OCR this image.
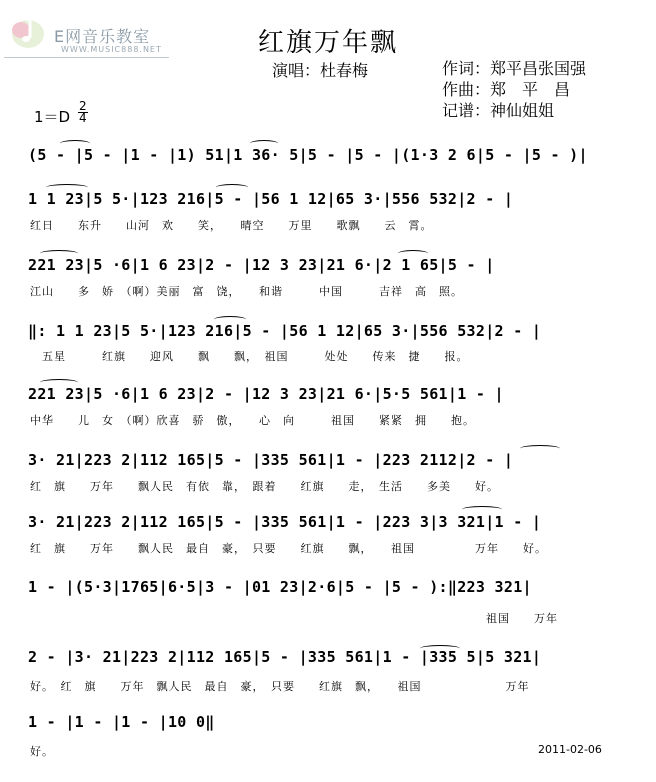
E网音乐教室
WWW.MUSIC888.NET	红旗万年飘
演唱：杜春梅	作词：郑平昌张国强
作曲：郑　平　昌
记谱：神仙姐姐
1＝D
2
4
(5 - |5 - |1 - |1) 51|1 36· 5|5 - |5 - |(1·3 2 6|5 - |5 - )|
1 1 23|5 5·|123 216|5 - |56 1 12|65 3·|556 532|2 - |
红日　　东升　　山河　欢　　笑，　　晴空　　万里　　歌飘　　云　霄。
221 23|5 ·6|1 6 23|2 - |12 3 23|21 6·|2 1 65|5 - |
江山　　多　娇　（啊）美丽　富　饶，　　和谐　　　中国　　　吉祥　高　照。
‖: 1 1 23|5 5·|123 216|5 - |56 1 12|65 3·|556 532|2 - |
　五星　　　红旗　　迎风　　飘　　飘，　祖国　　　处处　　传来　捷　　报。
221 23|5 ·6|1 6 23|2 - |12 3 23|21 6·|5·5 561|1 - |
中华　　儿　女　（啊）欣喜　骄　傲，　　心　向　　　祖国　　紧紧　拥　　抱。
3· 21|223 2|112 165|5 - |335 561|1 - |223 2112|2 - |
红　旗　　万年　　飘人民　有依　靠，　跟着　　红旗　　走，　生活　　多美　　好。
3· 21|223 2|112 165|5 - |335 561|1 - |223 3|3 321|1 - |
红　旗　　万年　　飘人民　最自　豪，　只要　　红旗　　飘，　　祖国　　　　　万年　　好。
1 - |(5·3|1765|6·5|3 - |01 23|2·6|5 - |5 - ):‖223 321|
　　　　　　　　　　　　　　　　　　　　　　　　　　　　　　　　　　　　　　祖国　　万年
2 - |3· 21|223 2|112 165|5 - |335 561|1 - |335 5|5 321|
好。　红　旗　　万年　飘人民　最自　豪，　只要　　红旗　飘，　　祖国　　　　　　　万年
1 - |1 - |1 - |10 0‖
好。	2011-02-06
